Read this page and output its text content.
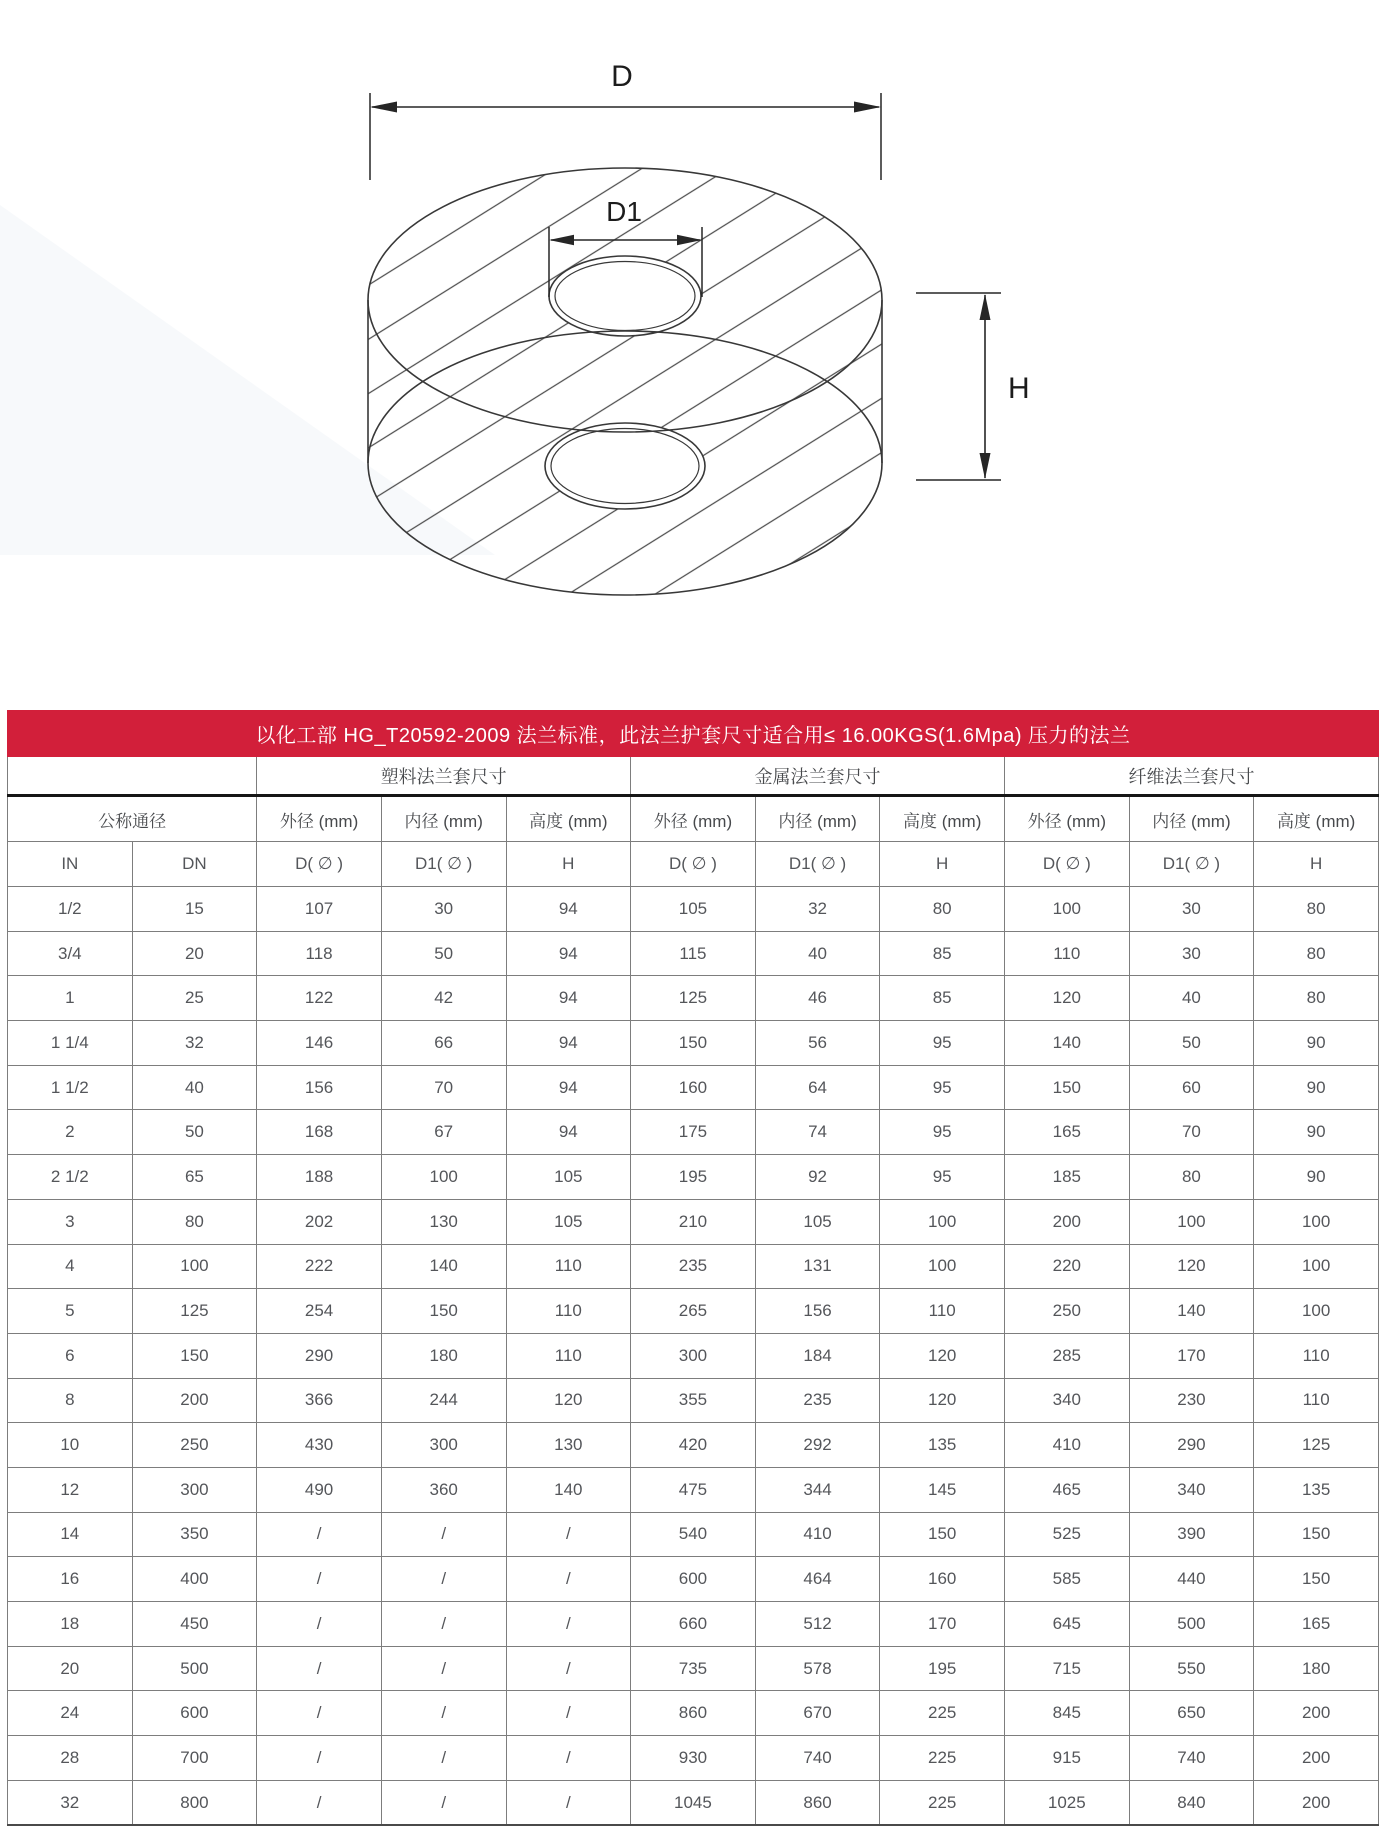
D
D1
H
以化工部 HG_T20592-2009 法兰标准，此法兰护套尺寸适合用≤ 16.00KGS(1.6Mpa) 压力的法兰
		塑料法兰套尺寸			金属法兰套尺寸			纤维法兰套尺寸		
公称通径		外径 (mm)	内径 (mm)	高度 (mm)	外径 (mm)	内径 (mm)	高度 (mm)	外径 (mm)	内径 (mm)	高度 (mm)
IN	DN	D( ∅ )	D1( ∅ )	H	D( ∅ )	D1( ∅ )	H	D( ∅ )	D1( ∅ )	H
1/2	15	107	30	94	105	32	80	100	30	80
3/4	20	118	50	94	115	40	85	110	30	80
1	25	122	42	94	125	46	85	120	40	80
1 1/4	32	146	66	94	150	56	95	140	50	90
1 1/2	40	156	70	94	160	64	95	150	60	90
2	50	168	67	94	175	74	95	165	70	90
2 1/2	65	188	100	105	195	92	95	185	80	90
3	80	202	130	105	210	105	100	200	100	100
4	100	222	140	110	235	131	100	220	120	100
5	125	254	150	110	265	156	110	250	140	100
6	150	290	180	110	300	184	120	285	170	110
8	200	366	244	120	355	235	120	340	230	110
10	250	430	300	130	420	292	135	410	290	125
12	300	490	360	140	475	344	145	465	340	135
14	350	/	/	/	540	410	150	525	390	150
16	400	/	/	/	600	464	160	585	440	150
18	450	/	/	/	660	512	170	645	500	165
20	500	/	/	/	735	578	195	715	550	180
24	600	/	/	/	860	670	225	845	650	200
28	700	/	/	/	930	740	225	915	740	200
32	800	/	/	/	1045	860	225	1025	840	200
